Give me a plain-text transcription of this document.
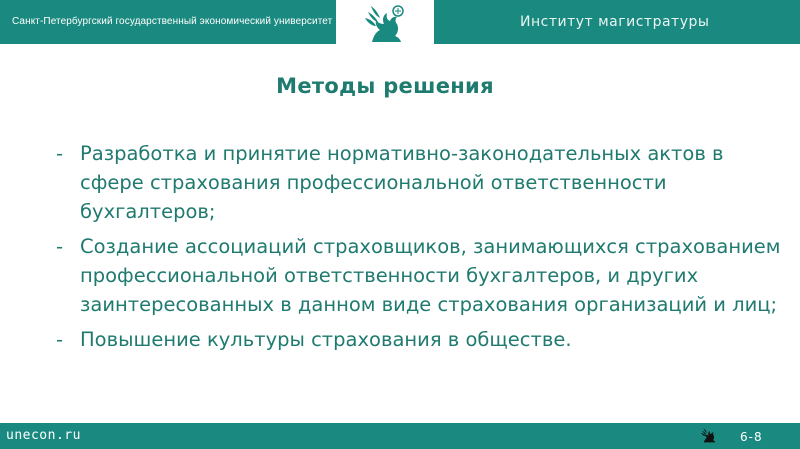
Санкт-Петербургский государственный экономический университет	Институт магистратуры
Методы решения
- Разработка и принятие нормативно-законодательных актов в сфере страхования профессиональной ответственности бухгалтеров;
- Создание ассоциаций страховщиков, занимающихся страхованием профессиональной ответственности бухгалтеров, и других заинтересованных в данном виде страхования организаций и лиц;
- Повышение культуры страхования в обществе.
unecon.ru	6-8
